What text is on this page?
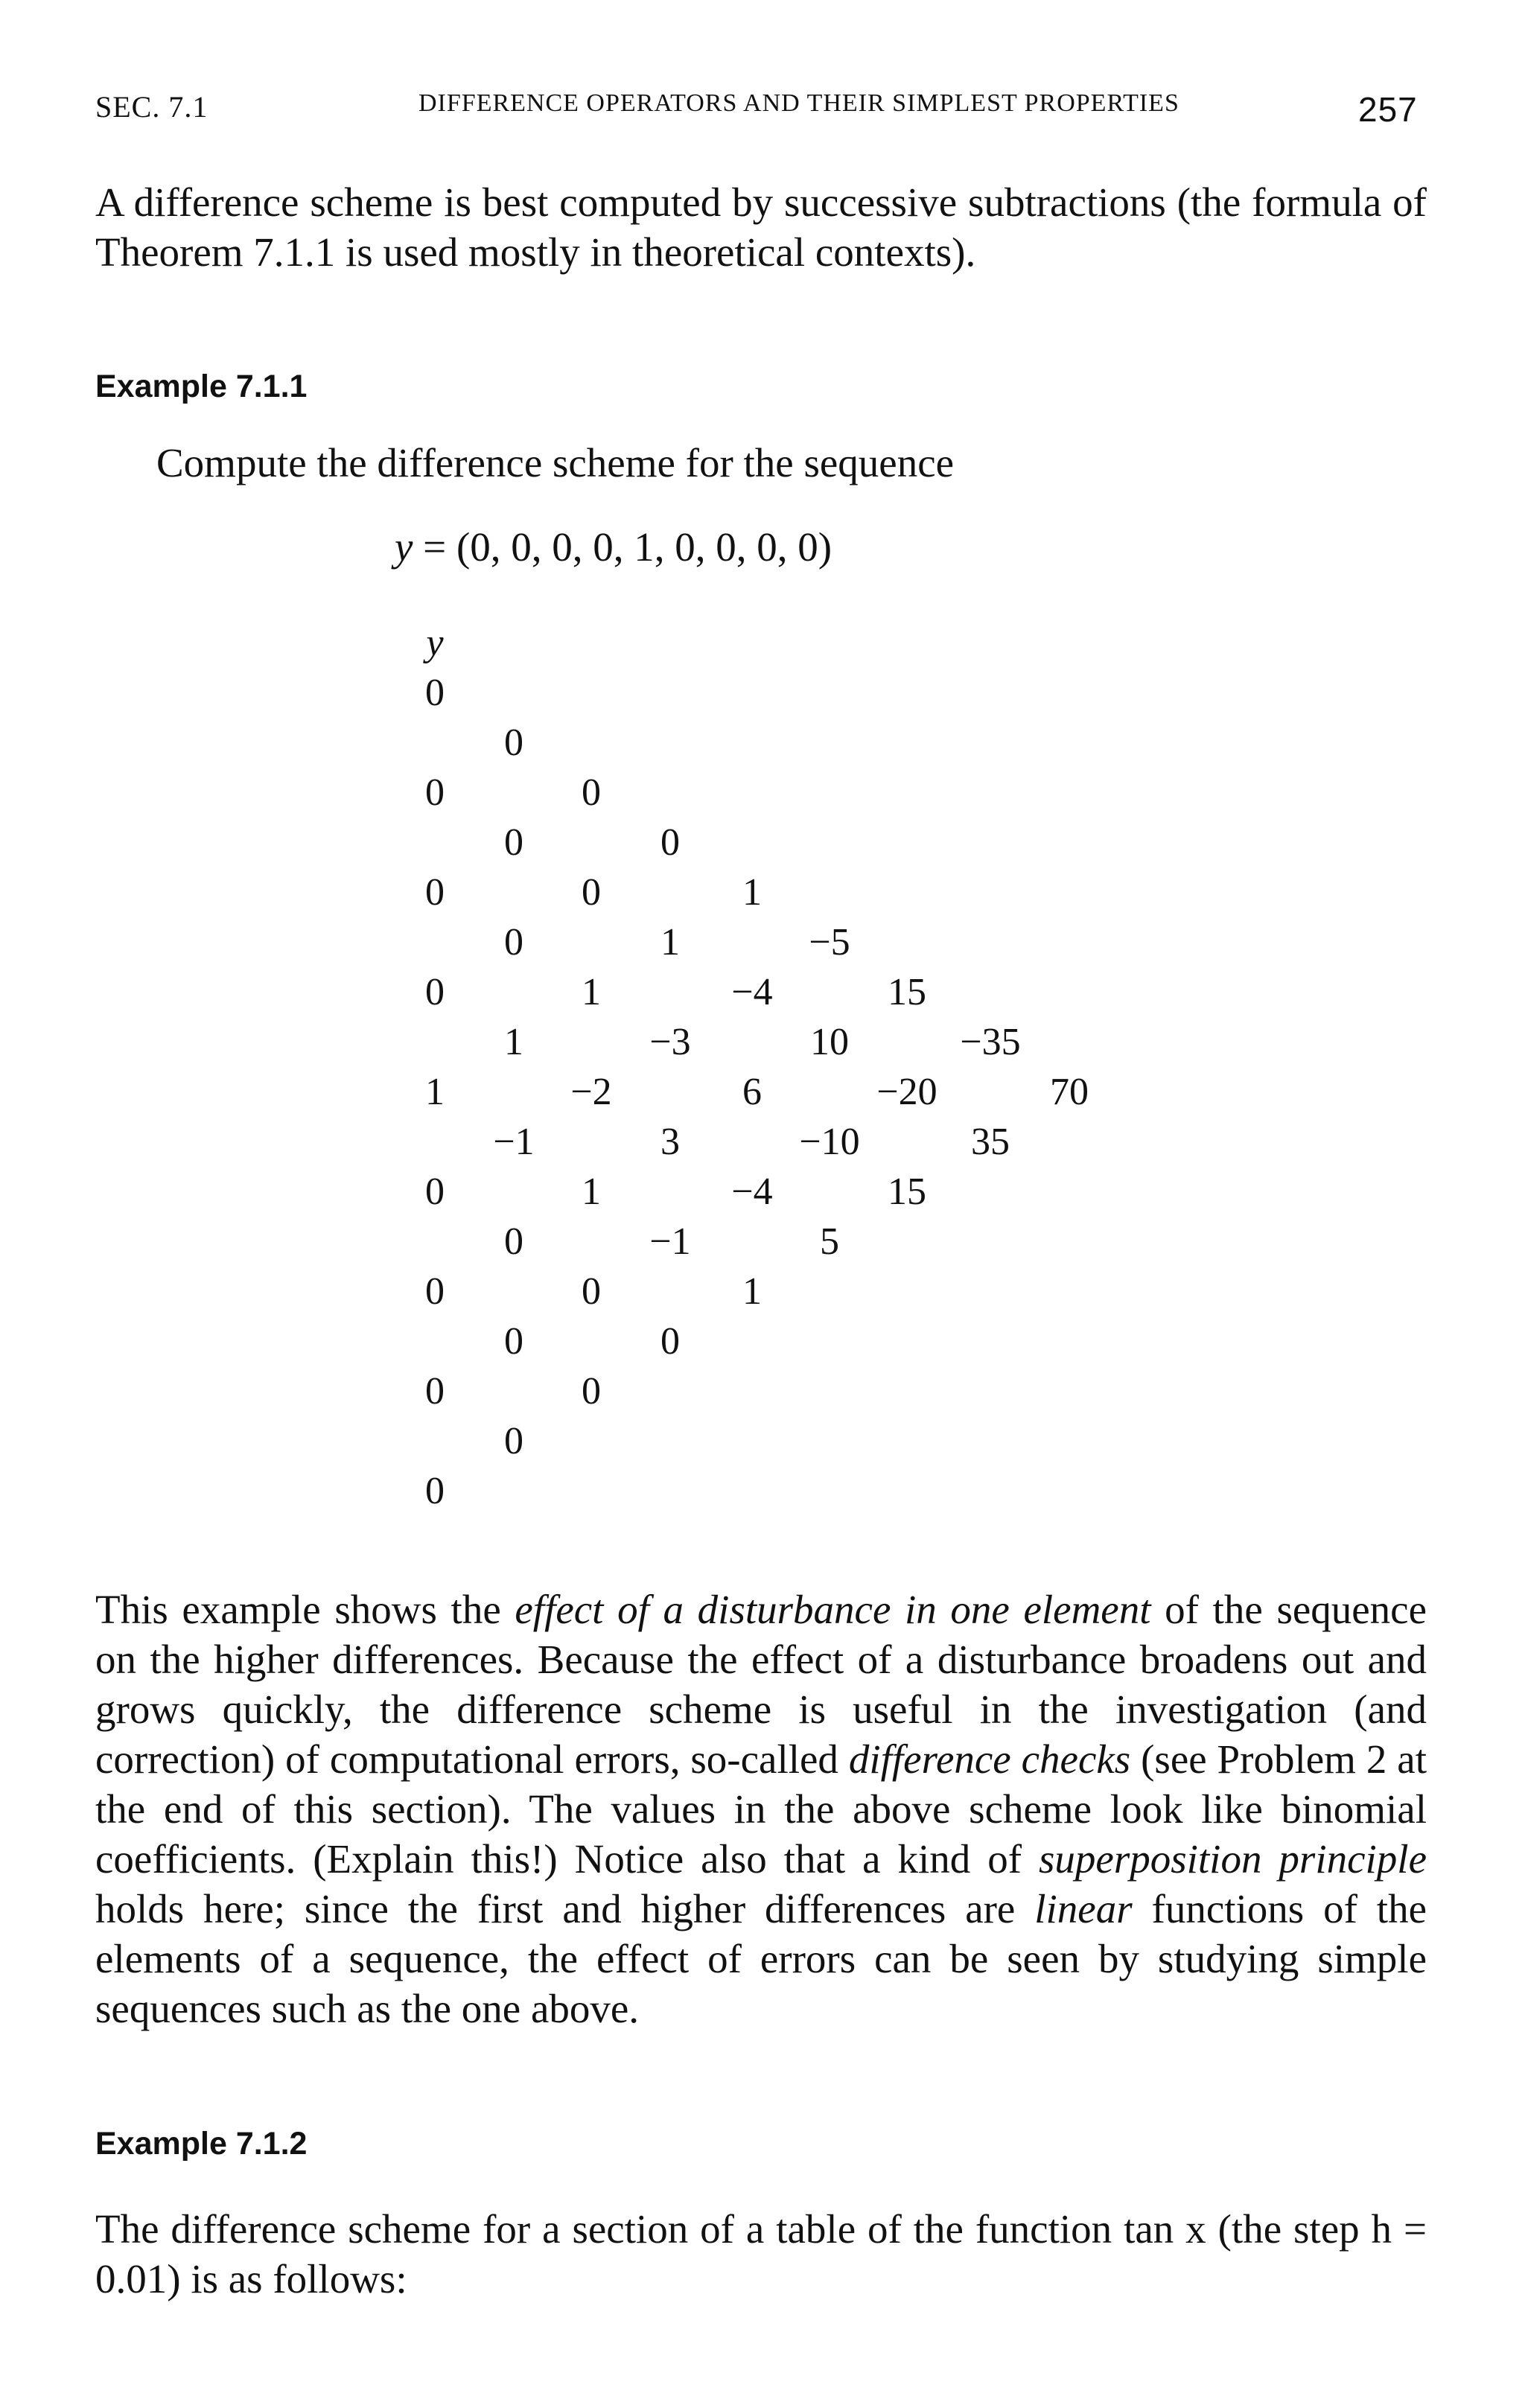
SEC. 7.1	DIFFERENCE OPERATORS AND THEIR SIMPLEST PROPERTIES	257
A difference scheme is best computed by successive subtractions (the formula of Theorem 7.1.1 is used mostly in theoretical contexts).
Example 7.1.1
Compute the difference scheme for the sequence
y = (0, 0, 0, 0, 1, 0, 0, 0, 0)
y
0
0
0
0
1
0
0
0
0
0
0
0
1
−1
0
0
0
0
0
1
−2
1
0
0
0
1
−3
3
−1
0
1
−4
6
−4
1
−5
10
−10
5
15
−20
15
−35
35
70
This example shows the effect of a disturbance in one element of the sequence on the higher differences. Because the effect of a disturbance broadens out and grows quickly, the difference scheme is useful in the investigation (and correction) of computational errors, so-called difference checks (see Problem 2 at the end of this section). The values in the above scheme look like binomial coefficients. (Explain this!) Notice also that a kind of superposition principle holds here; since the first and higher differences are linear functions of the elements of a sequence, the effect of errors can be seen by studying simple sequences such as the one above.
Example 7.1.2
The difference scheme for a section of a table of the function tan x (the step h = 0.01) is as follows:
